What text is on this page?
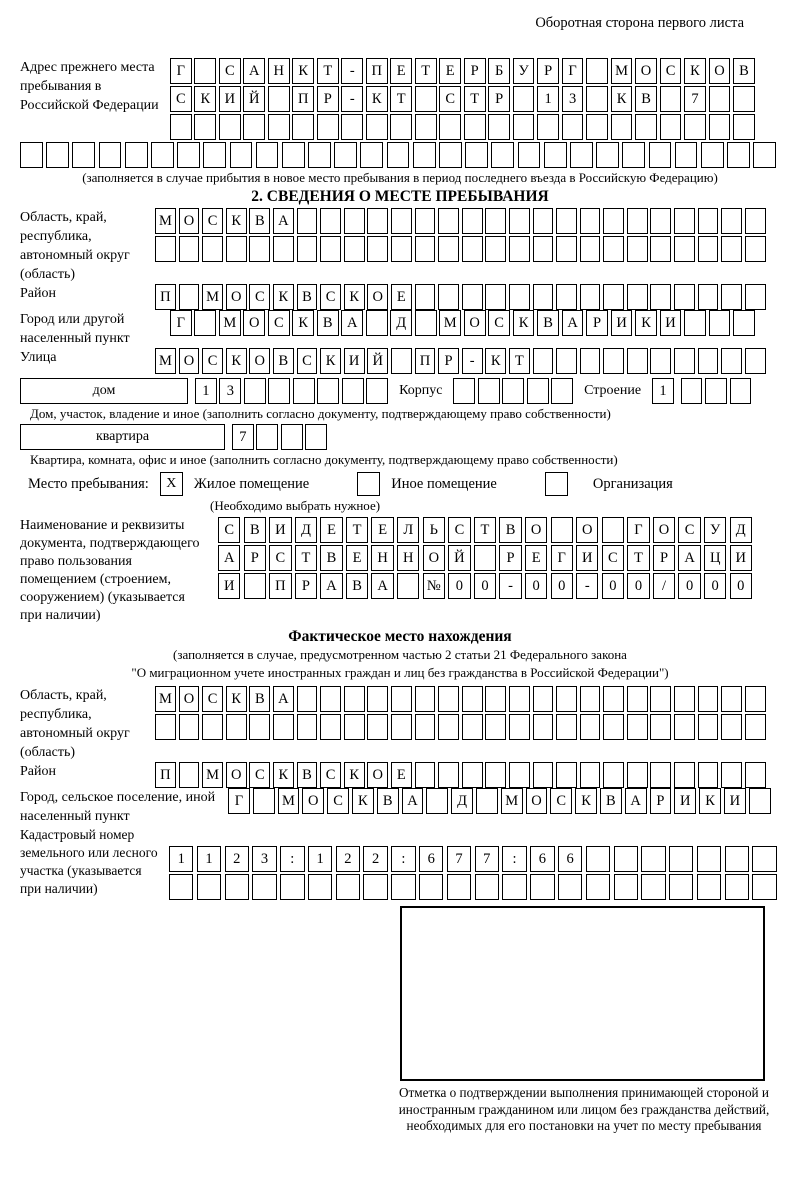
Оборотная сторона первого листа
Адрес прежнего места пребывания в Российской Федерации
Г	С А Н К	Т	-	П	Е	Т	Е	Р	Б	У	Р	Г	М О С	К О В
С	К И Й	П	Р	-	К	Т	С	Т	Р	1	3	К	В	7
(заполняется в случае прибытия в новое место пребывания в период последнего въезда в Российскую Федерацию)
2. СВЕДЕНИЯ О МЕСТЕ ПРЕБЫВАНИЯ
Область, край, республика, автономный округ (область)
М О С К В А
Район	П	М О С К В С К О Е
Город или другой населенный пункт
Г	М О С	К	В А	Д	М О С	К	В А	Р	И К И
Улица	М О С К О В С К И Й	П Р	-	К Т
дом	1	3	Корпус	Строение	1
Дом, участок, владение и иное (заполнить согласно документу, подтверждающему право собственности)
квартира	7
Квартира, комната, офис и иное (заполнить согласно документу, подтверждающему право собственности)
Место пребывания:	X	Жилое помещение	Иное помещение	Организация
(Необходимо выбрать нужное)
Наименование и реквизиты документа, подтверждающего право пользования помещением (строением, сооружением) (указывается при наличии)
С	В	И	Д	Е	Т	Е	Л	Ь	С	Т	В	О	О	Г	О	С	У	Д
А	Р	С	Т	В	Е	Н	Н	О	Й	Р	Е	Г	И	С	Т	Р	А	Ц	И
И	П	Р	А	В	А	№	0	0	-	0	0	-	0	0	/	0	0	0
Фактическое место нахождения
(заполняется в случае, предусмотренном частью 2 статьи 21 Федерального закона
"О миграционном учете иностранных граждан и лиц без гражданства в Российской Федерации")
Область, край, республика, автономный округ (область)
М О С К В А
Район	П	М О С К В С К О Е
Город, сельское поселение, иной населенный пункт
Г	М О	С	К	В	А	Д	М О	С	К	В	А	Р	И	К	И
Кадастровый номер земельного или лесного участка (указывается при наличии)
1	1	2	3	:	1	2	2	:	6	7	7	:	6	6
Отметка о подтверждении выполнения принимающей стороной и иностранным гражданином или лицом без гражданства действий, необходимых для его постановки на учет по месту пребывания
